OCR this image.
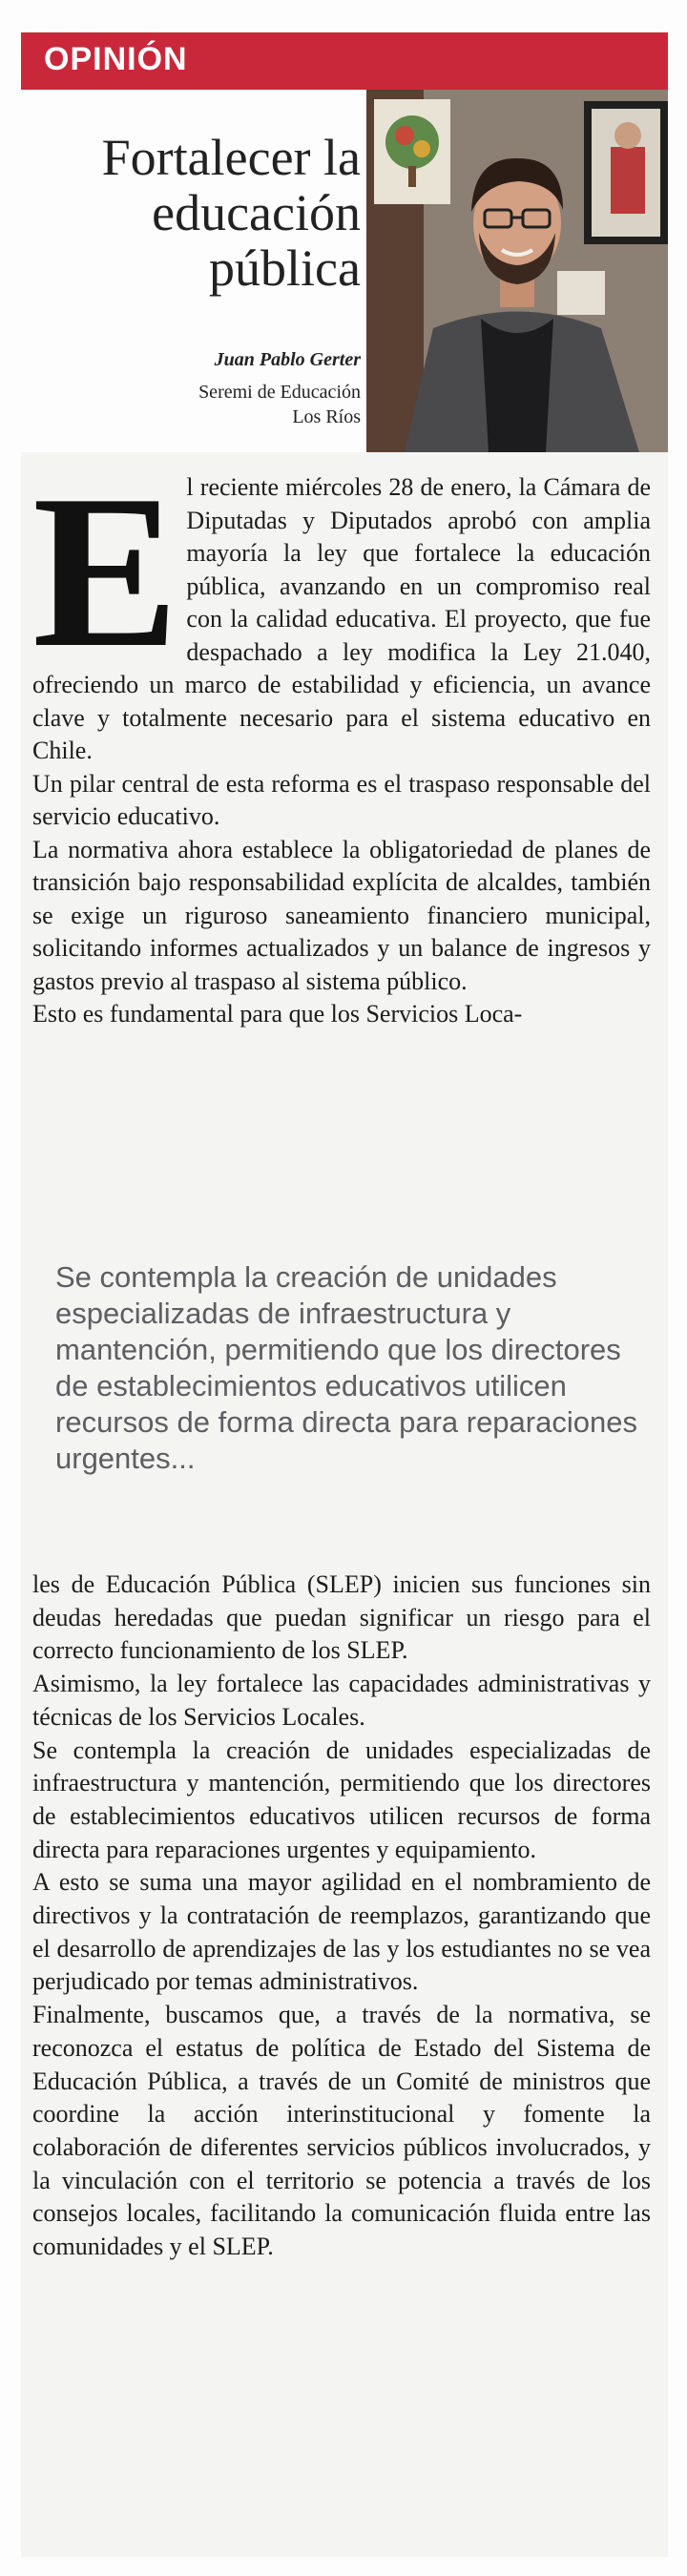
OPINIÓN
Fortalecer la educación pública
Juan Pablo Gerter
Seremi de Educación
Los Ríos
E l reciente miércoles 28 de enero, la Cámara de Diputadas y Diputados aprobó con amplia mayoría la ley que fortalece la educación pública, avanzando en un compromiso real con la calidad educativa. El proyecto, que fue despachado a ley modifica la Ley 21.040, ofreciendo un marco de estabilidad y eficiencia, un avance clave y totalmente necesario para el sistema educativo en Chile.

Un pilar central de esta reforma es el traspaso responsable del servicio educativo.

La normativa ahora establece la obligatoriedad de planes de transición bajo responsabilidad explícita de alcaldes, también se exige un riguroso saneamiento financiero municipal, solicitando informes actualizados y un balance de ingresos y gastos previo al traspaso al sistema público.

Esto es fundamental para que los Servicios Loca-

Se contempla la creación de unidades especializadas de infraestructura y mantención, permitiendo que los directores de establecimientos educativos utilicen recursos de forma directa para reparaciones urgentes...

les de Educación Pública (SLEP) inicien sus funciones sin deudas heredadas que puedan significar un riesgo para el correcto funcionamiento de los SLEP.

Asimismo, la ley fortalece las capacidades administrativas y técnicas de los Servicios Locales.

Se contempla la creación de unidades especializadas de infraestructura y mantención, permitiendo que los directores de establecimientos educativos utilicen recursos de forma directa para reparaciones urgentes y equipamiento.

A esto se suma una mayor agilidad en el nombramiento de directivos y la contratación de reemplazos, garantizando que el desarrollo de aprendizajes de las y los estudiantes no se vea perjudicado por temas administrativos.

Finalmente, buscamos que, a través de la normativa, se reconozca el estatus de política de Estado del Sistema de Educación Pública, a través de un Comité de ministros que coordine la acción interinstitucional y fomente la colaboración de diferentes servicios públicos involucrados, y la vinculación con el territorio se potencia a través de los consejos locales, facilitando la comunicación fluida entre las comunidades y el SLEP.
